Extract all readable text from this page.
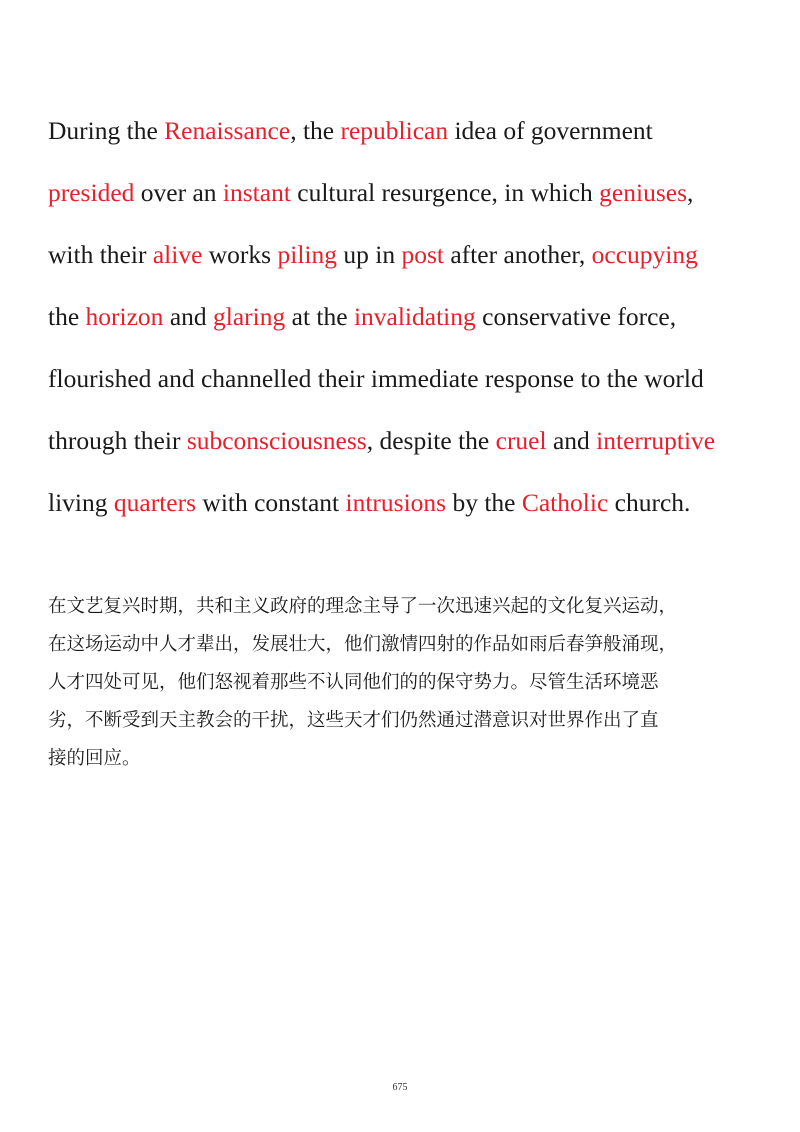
During the Renaissance, the republican idea of government
presided over an instant cultural resurgence, in which geniuses,
with their alive works piling up in post after another, occupying
the horizon and glaring at the invalidating conservative force,
flourished and channelled their immediate response to the world
through their subconsciousness, despite the cruel and interruptive
living quarters with constant intrusions by the Catholic church.

在文艺复兴时期，共和主义政府的理念主导了一次迅速兴起的文化复兴运动，
在这场运动中人才辈出，发展壮大，他们激情四射的作品如雨后春笋般涌现，
人才四处可见，他们怒视着那些不认同他们的的保守势力。尽管生活环境恶
劣，不断受到天主教会的干扰，这些天才们仍然通过潜意识对世界作出了直
接的回应。

675
